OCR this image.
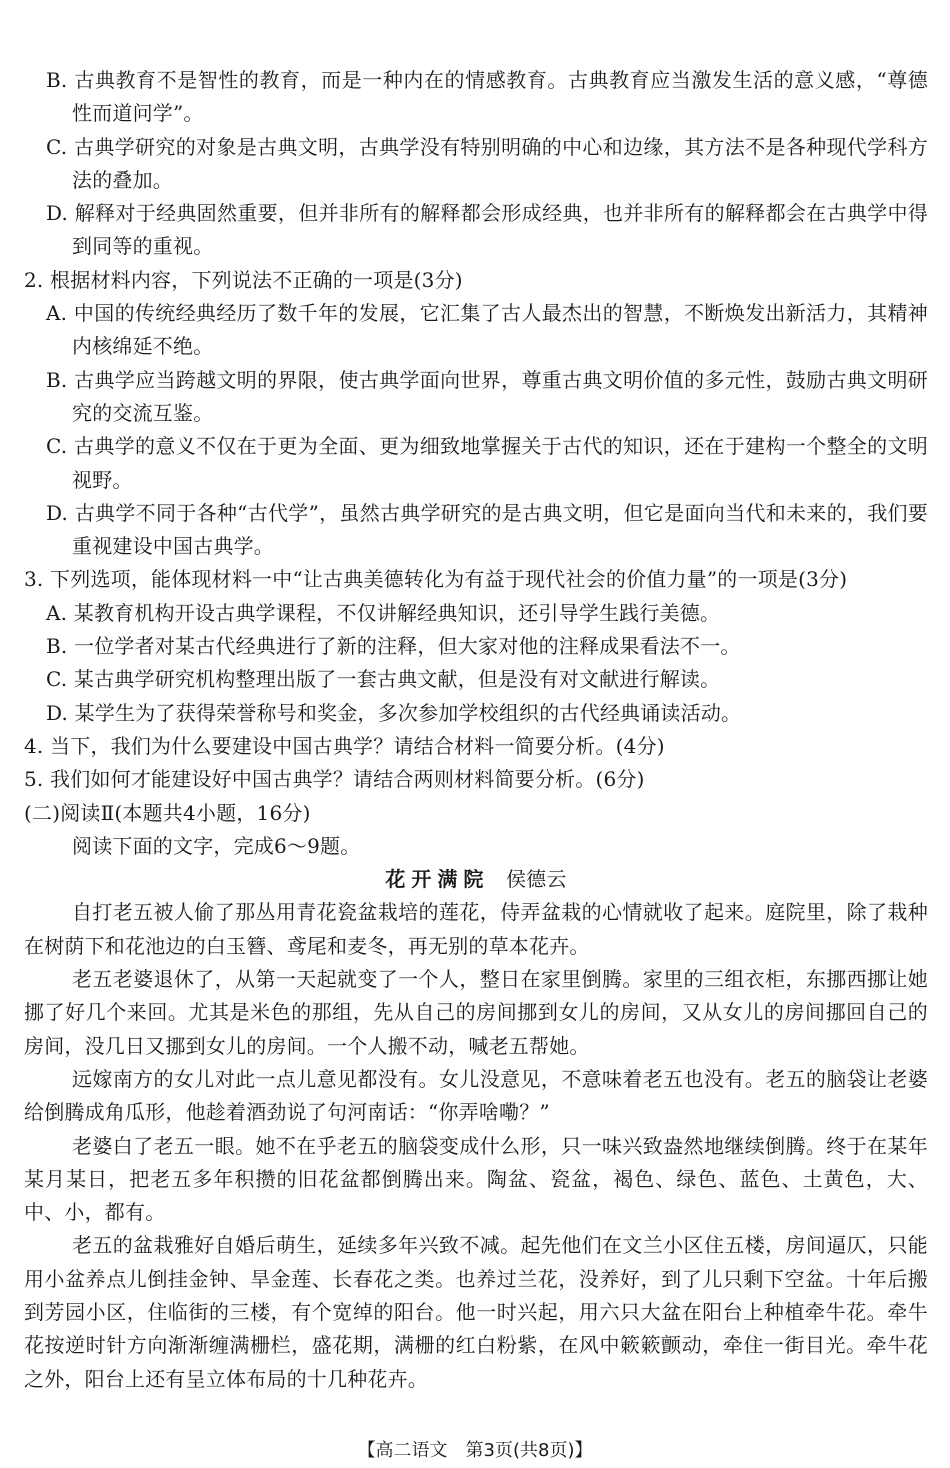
B. 古典教育不是智性的教育，而是一种内在的情感教育。古典教育应当激发生活的意义感，“尊德性而道问学”。

C. 古典学研究的对象是古典文明，古典学没有特别明确的中心和边缘，其方法不是各种现代学科方法的叠加。

D. 解释对于经典固然重要，但并非所有的解释都会形成经典，也并非所有的解释都会在古典学中得到同等的重视。

2. 根据材料内容，下列说法不正确的一项是(3分)

A. 中国的传统经典经历了数千年的发展，它汇集了古人最杰出的智慧，不断焕发出新活力，其精神内核绵延不绝。

B. 古典学应当跨越文明的界限，使古典学面向世界，尊重古典文明价值的多元性，鼓励古典文明研究的交流互鉴。

C. 古典学的意义不仅在于更为全面、更为细致地掌握关于古代的知识，还在于建构一个整全的文明视野。

D. 古典学不同于各种“古代学”，虽然古典学研究的是古典文明，但它是面向当代和未来的，我们要重视建设中国古典学。

3. 下列选项，能体现材料一中“让古典美德转化为有益于现代社会的价值力量”的一项是(3分)

A. 某教育机构开设古典学课程，不仅讲解经典知识，还引导学生践行美德。

B. 一位学者对某古代经典进行了新的注释，但大家对他的注释成果看法不一。

C. 某古典学研究机构整理出版了一套古典文献，但是没有对文献进行解读。

D. 某学生为了获得荣誉称号和奖金，多次参加学校组织的古代经典诵读活动。

4. 当下，我们为什么要建设中国古典学？请结合材料一简要分析。(4分)

5. 我们如何才能建设好中国古典学？请结合两则材料简要分析。(6分)

(二)阅读Ⅱ(本题共4小题，16分)

阅读下面的文字，完成6～9题。

花开满院 侯德云

自打老五被人偷了那丛用青花瓷盆栽培的莲花，侍弄盆栽的心情就收了起来。庭院里，除了栽种在树荫下和花池边的白玉簪、鸢尾和麦冬，再无别的草本花卉。

老五老婆退休了，从第一天起就变了一个人，整日在家里倒腾。家里的三组衣柜，东挪西挪让她挪了好几个来回。尤其是米色的那组，先从自己的房间挪到女儿的房间，又从女儿的房间挪回自己的房间，没几日又挪到女儿的房间。一个人搬不动，喊老五帮她。

远嫁南方的女儿对此一点儿意见都没有。女儿没意见，不意味着老五也没有。老五的脑袋让老婆给倒腾成角瓜形，他趁着酒劲说了句河南话：“你弄啥嘞？”

老婆白了老五一眼。她不在乎老五的脑袋变成什么形，只一味兴致盎然地继续倒腾。终于在某年某月某日，把老五多年积攒的旧花盆都倒腾出来。陶盆、瓷盆，褐色、绿色、蓝色、土黄色，大、中、小，都有。

老五的盆栽雅好自婚后萌生，延续多年兴致不减。起先他们在文兰小区住五楼，房间逼仄，只能用小盆养点儿倒挂金钟、旱金莲、长春花之类。也养过兰花，没养好，到了儿只剩下空盆。十年后搬到芳园小区，住临街的三楼，有个宽绰的阳台。他一时兴起，用六只大盆在阳台上种植牵牛花。牵牛花按逆时针方向渐渐缠满栅栏，盛花期，满栅的红白粉紫，在风中簌簌颤动，牵住一街目光。牵牛花之外，阳台上还有呈立体布局的十几种花卉。

【高二语文　第3页(共8页)】
